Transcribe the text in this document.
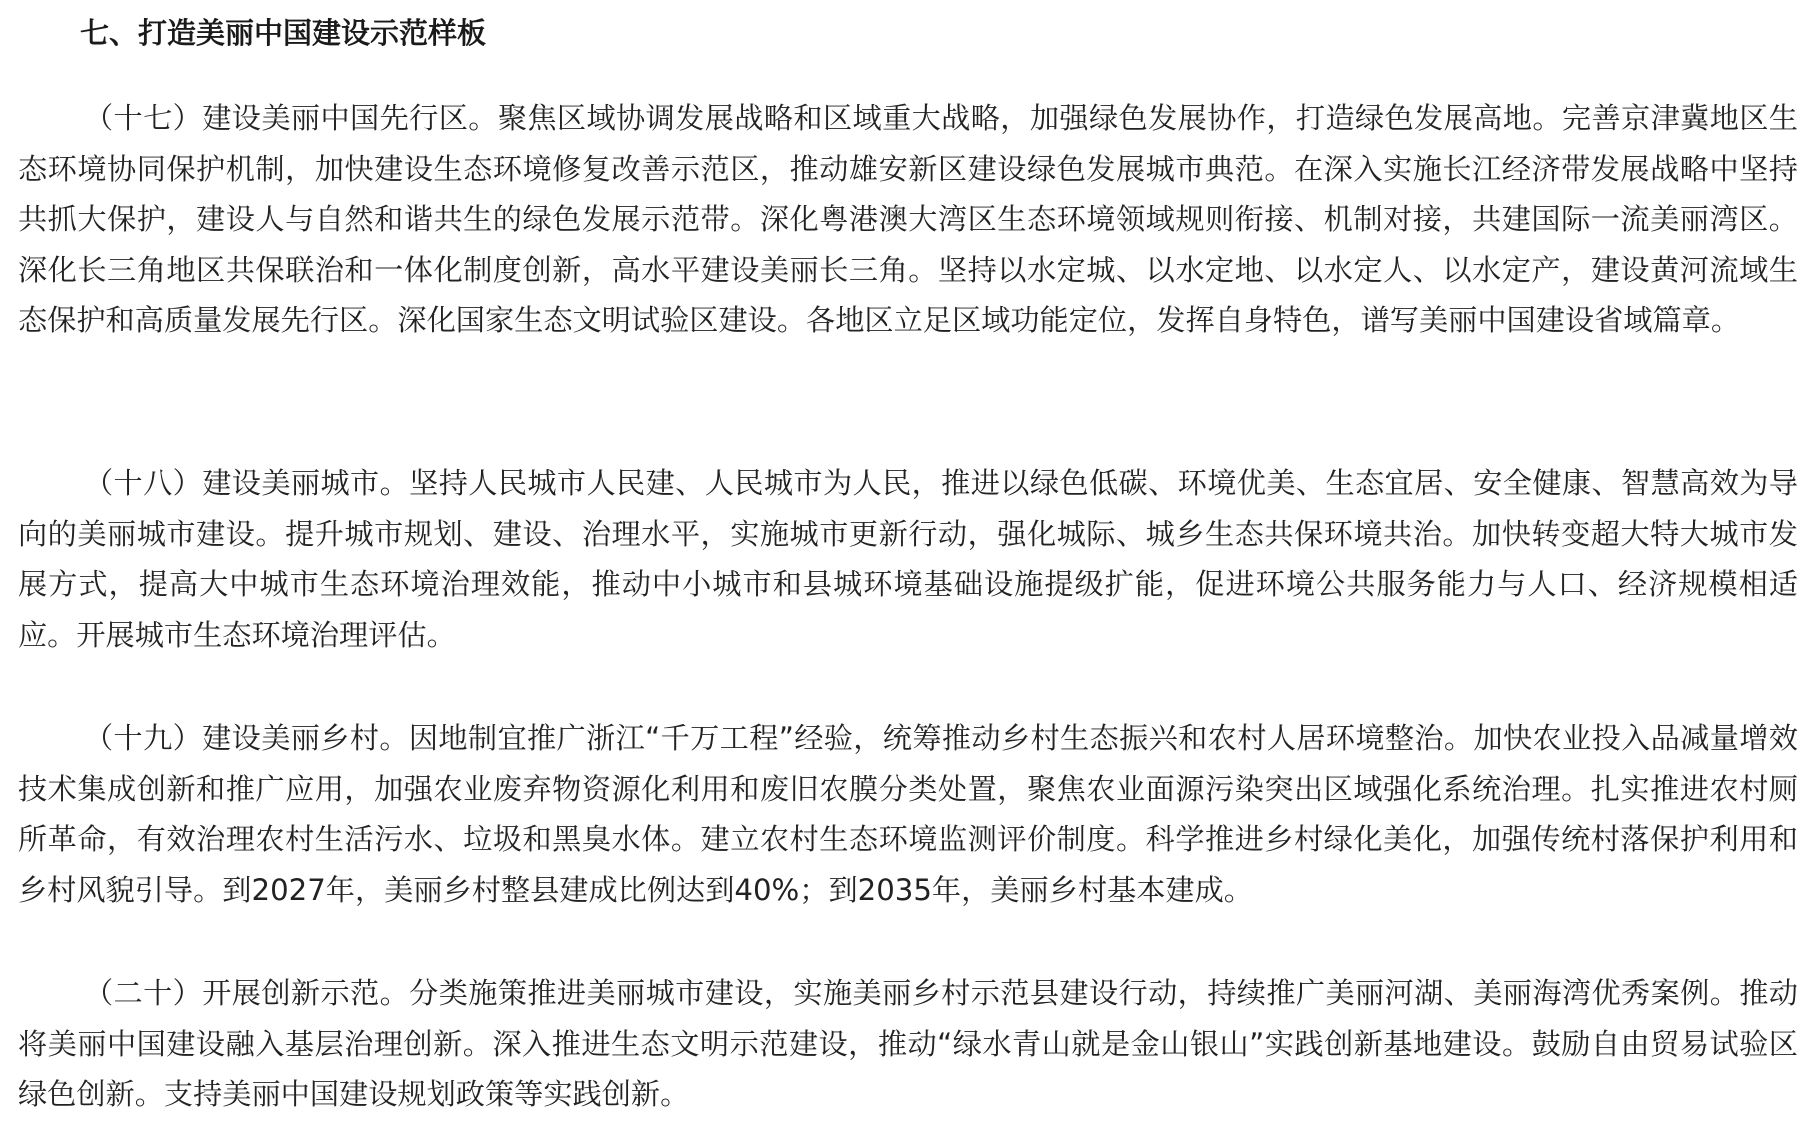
七、打造美丽中国建设示范样板

（十七）建设美丽中国先行区。聚焦区域协调发展战略和区域重大战略，加强绿色发展协作，打造绿色发展高地。完善京津冀地区生态环境协同保护机制，加快建设生态环境修复改善示范区，推动雄安新区建设绿色发展城市典范。在深入实施长江经济带发展战略中坚持共抓大保护，建设人与自然和谐共生的绿色发展示范带。深化粤港澳大湾区生态环境领域规则衔接、机制对接，共建国际一流美丽湾区。深化长三角地区共保联治和一体化制度创新，高水平建设美丽长三角。坚持以水定城、以水定地、以水定人、以水定产，建设黄河流域生态保护和高质量发展先行区。深化国家生态文明试验区建设。各地区立足区域功能定位，发挥自身特色，谱写美丽中国建设省域篇章。

（十八）建设美丽城市。坚持人民城市人民建、人民城市为人民，推进以绿色低碳、环境优美、生态宜居、安全健康、智慧高效为导向的美丽城市建设。提升城市规划、建设、治理水平，实施城市更新行动，强化城际、城乡生态共保环境共治。加快转变超大特大城市发展方式，提高大中城市生态环境治理效能，推动中小城市和县城环境基础设施提级扩能，促进环境公共服务能力与人口、经济规模相适应。开展城市生态环境治理评估。

（十九）建设美丽乡村。因地制宜推广浙江“千万工程”经验，统筹推动乡村生态振兴和农村人居环境整治。加快农业投入品减量增效技术集成创新和推广应用，加强农业废弃物资源化利用和废旧农膜分类处置，聚焦农业面源污染突出区域强化系统治理。扎实推进农村厕所革命，有效治理农村生活污水、垃圾和黑臭水体。建立农村生态环境监测评价制度。科学推进乡村绿化美化，加强传统村落保护利用和乡村风貌引导。到2027年，美丽乡村整县建成比例达到40%；到2035年，美丽乡村基本建成。

（二十）开展创新示范。分类施策推进美丽城市建设，实施美丽乡村示范县建设行动，持续推广美丽河湖、美丽海湾优秀案例。推动将美丽中国建设融入基层治理创新。深入推进生态文明示范建设，推动“绿水青山就是金山银山”实践创新基地建设。鼓励自由贸易试验区绿色创新。支持美丽中国建设规划政策等实践创新。
